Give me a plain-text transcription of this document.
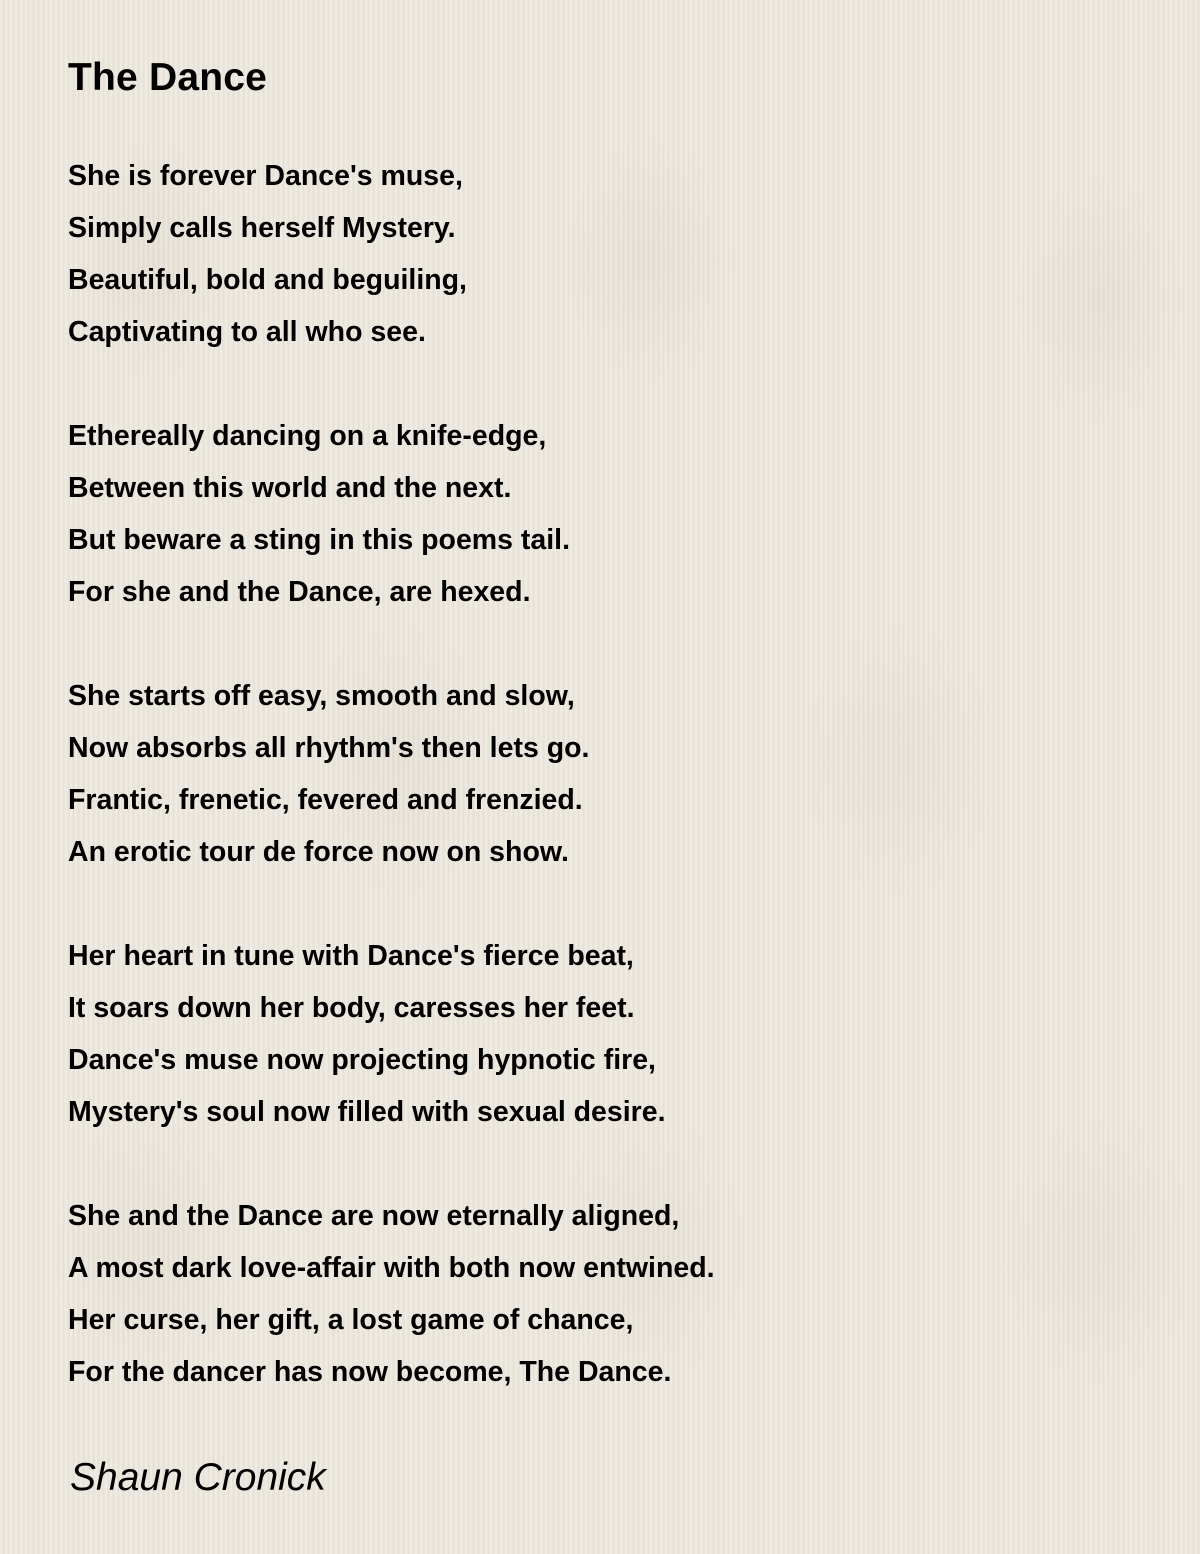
The Dance
She is forever Dance's muse,
Simply calls herself Mystery.
Beautiful, bold and beguiling,
Captivating to all who see.
Ethereally dancing on a knife-edge,
Between this world and the next.
But beware a sting in this poems tail.
For she and the Dance, are hexed.
She starts off easy, smooth and slow,
Now absorbs all rhythm's then lets go.
Frantic, frenetic, fevered and frenzied.
An erotic tour de force now on show.
Her heart in tune with Dance's fierce beat,
It soars down her body, caresses her feet.
Dance's muse now projecting hypnotic fire,
Mystery's soul now filled with sexual desire.
She and the Dance are now eternally aligned,
A most dark love-affair with both now entwined.
Her curse, her gift, a lost game of chance,
For the dancer has now become, The Dance.

Shaun Cronick
